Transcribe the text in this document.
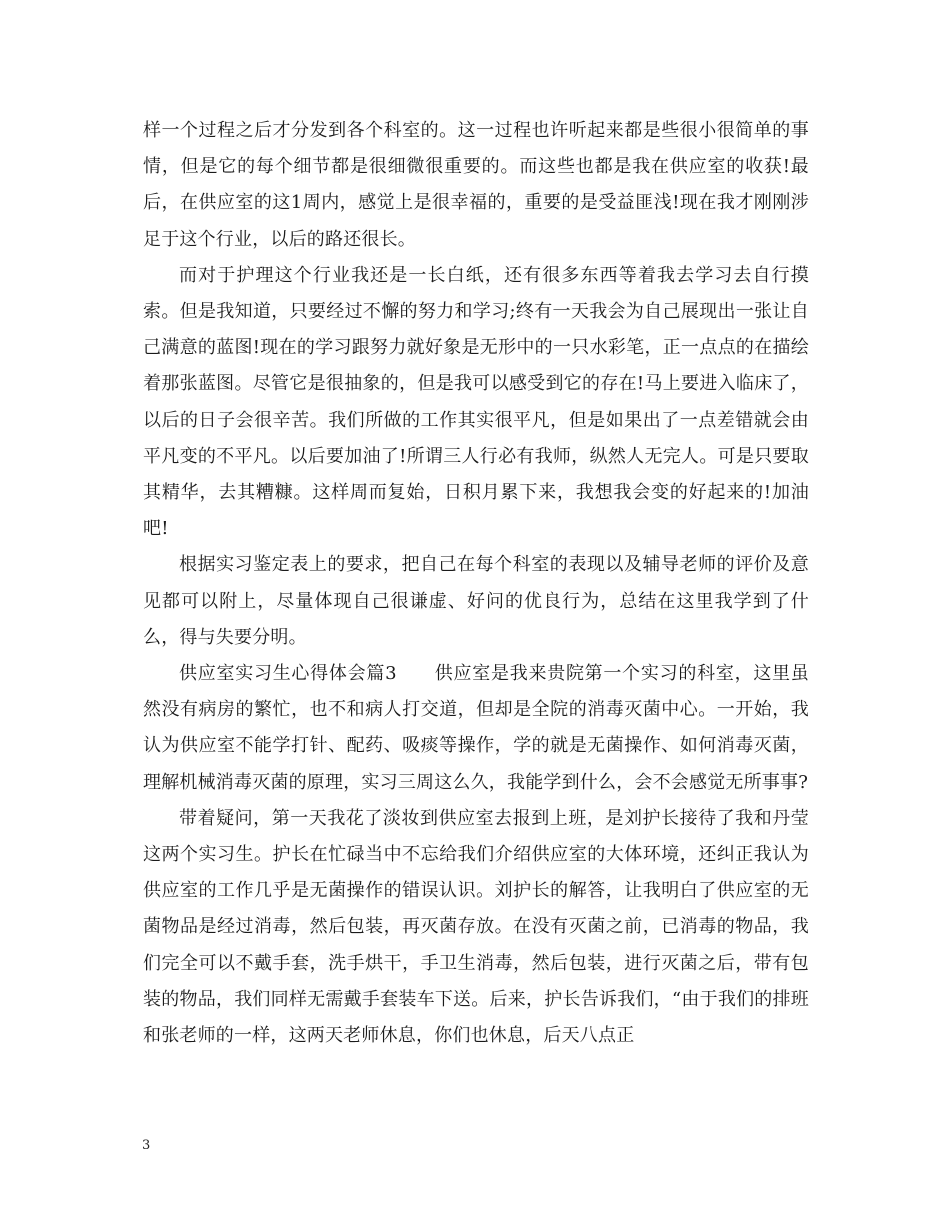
样一个过程之后才分发到各个科室的。这一过程也许听起来都是些很小很简单的事情，但是它的每个细节都是很细微很重要的。而这些也都是我在供应室的收获!最后，在供应室的这1周内，感觉上是很幸福的，重要的是受益匪浅!现在我才刚刚涉足于这个行业，以后的路还很长。

而对于护理这个行业我还是一长白纸，还有很多东西等着我去学习去自行摸索。但是我知道，只要经过不懈的努力和学习;终有一天我会为自己展现出一张让自己满意的蓝图!现在的学习跟努力就好象是无形中的一只水彩笔，正一点点的在描绘着那张蓝图。尽管它是很抽象的，但是我可以感受到它的存在!马上要进入临床了，以后的日子会很辛苦。我们所做的工作其实很平凡，但是如果出了一点差错就会由平凡变的不平凡。以后要加油了!所谓三人行必有我师，纵然人无完人。可是只要取其精华，去其糟糠。这样周而复始，日积月累下来，我想我会变的好起来的!加油吧!

根据实习鉴定表上的要求，把自己在每个科室的表现以及辅导老师的评价及意见都可以附上，尽量体现自己很谦虚、好问的优良行为，总结在这里我学到了什么，得与失要分明。

供应室实习生心得体会篇3　　供应室是我来贵院第一个实习的科室，这里虽然没有病房的繁忙，也不和病人打交道，但却是全院的消毒灭菌中心。一开始，我认为供应室不能学打针、配药、吸痰等操作，学的就是无菌操作、如何消毒灭菌，理解机械消毒灭菌的原理，实习三周这么久，我能学到什么，会不会感觉无所事事?

带着疑问，第一天我花了淡妆到供应室去报到上班，是刘护长接待了我和丹莹这两个实习生。护长在忙碌当中不忘给我们介绍供应室的大体环境，还纠正我认为供应室的工作几乎是无菌操作的错误认识。刘护长的解答，让我明白了供应室的无菌物品是经过消毒，然后包装，再灭菌存放。在没有灭菌之前，已消毒的物品，我们完全可以不戴手套，洗手烘干，手卫生消毒，然后包装，进行灭菌之后，带有包装的物品，我们同样无需戴手套装车下送。后来，护长告诉我们，“由于我们的排班和张老师的一样，这两天老师休息，你们也休息，后天八点正

3
